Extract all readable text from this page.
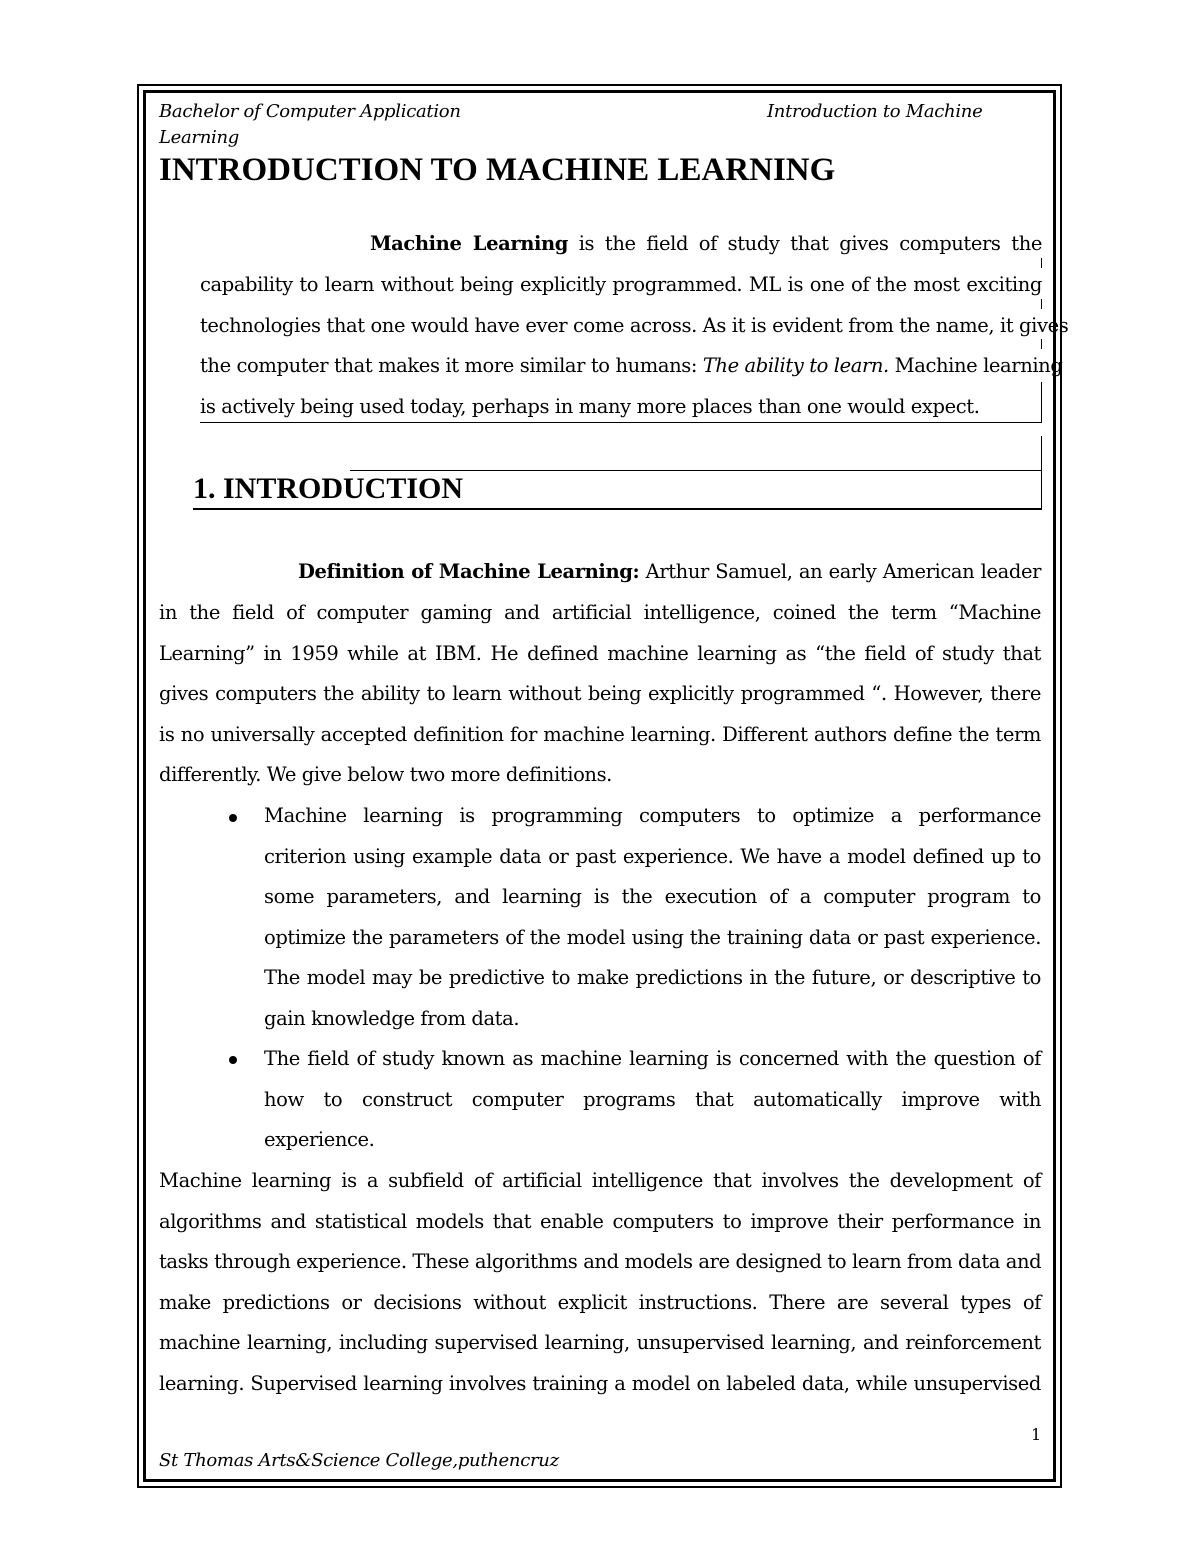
Bachelor of Computer Application	Introduction to Machine
Learning
INTRODUCTION TO MACHINE LEARNING
Machine Learning is the field of study that gives computers the
capability to learn without being explicitly programmed. ML is one of the most exciting
technologies that one would have ever come across. As it is evident from the name, it gives
the computer that makes it more similar to humans: The ability to learn. Machine learning
is actively being used today, perhaps in many more places than one would expect.
1. INTRODUCTION
Definition of Machine Learning: Arthur Samuel, an early American leader
in the field of computer gaming and artificial intelligence, coined the term “Machine
Learning” in 1959 while at IBM. He defined machine learning as “the field of study that
gives computers the ability to learn without being explicitly programmed “. However, there
is no universally accepted definition for machine learning. Different authors define the term
differently. We give below two more definitions.
Machine learning is programming computers to optimize a performance
criterion using example data or past experience. We have a model defined up to
some parameters, and learning is the execution of a computer program to
optimize the parameters of the model using the training data or past experience.
The model may be predictive to make predictions in the future, or descriptive to
gain knowledge from data.
The field of study known as machine learning is concerned with the question of
how to construct computer programs that automatically improve with
experience.
Machine learning is a subfield of artificial intelligence that involves the development of
algorithms and statistical models that enable computers to improve their performance in
tasks through experience. These algorithms and models are designed to learn from data and
make predictions or decisions without explicit instructions. There are several types of
machine learning, including supervised learning, unsupervised learning, and reinforcement
learning. Supervised learning involves training a model on labeled data, while unsupervised
1
St Thomas Arts&Science College,puthencruz
